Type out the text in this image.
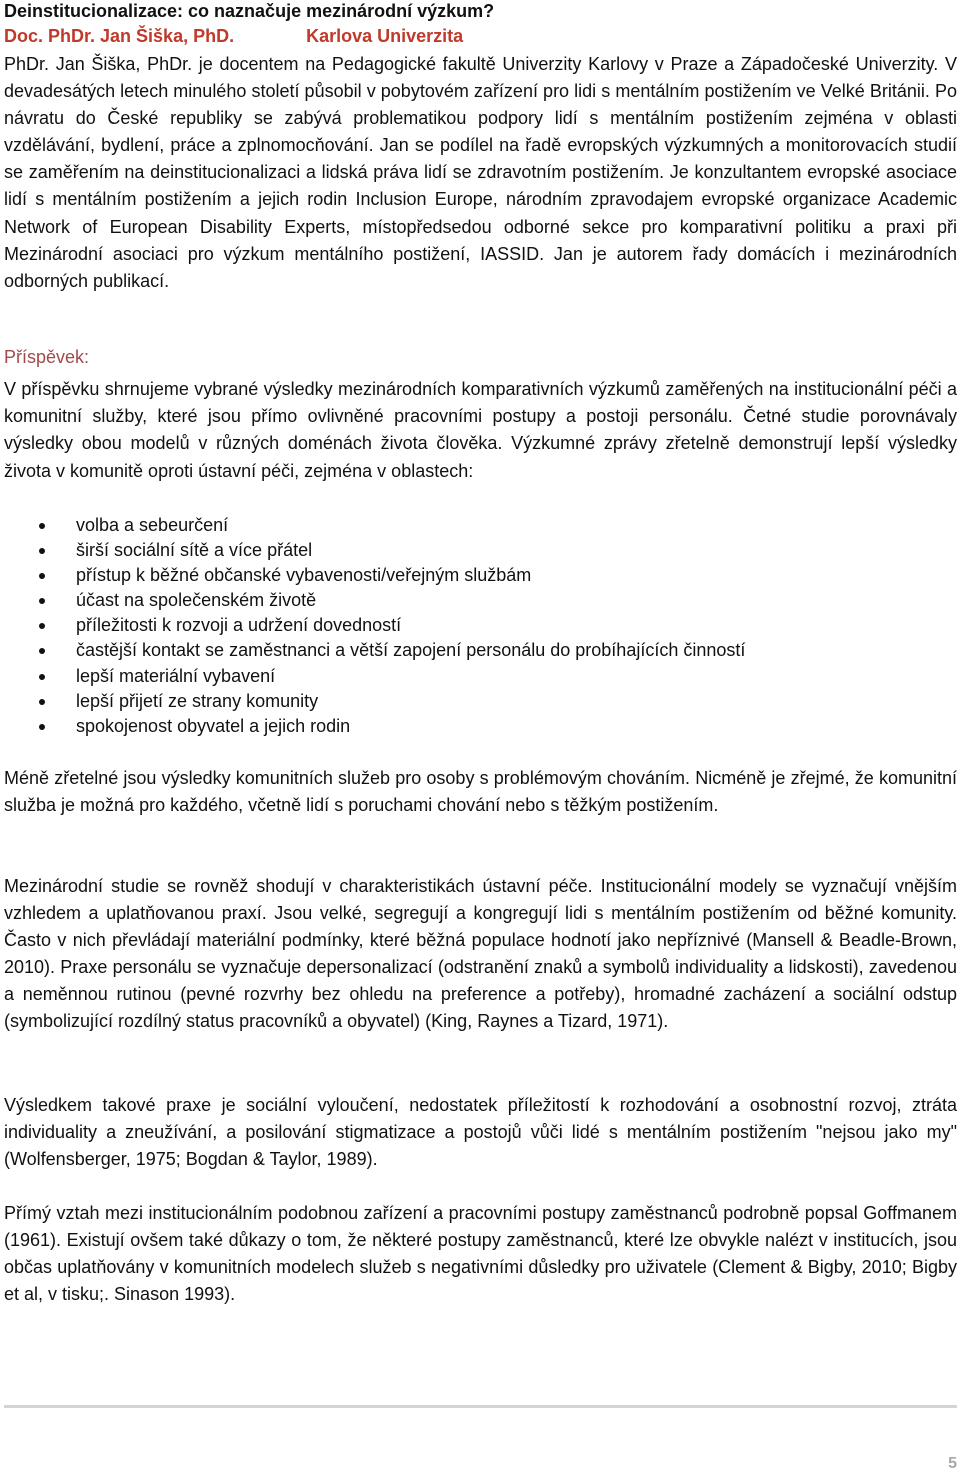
Deinstitucionalizace: co naznačuje mezinárodní výzkum?
Doc. PhDr. Jan Šiška, PhD.	Karlova Univerzita

PhDr. Jan Šiška, PhDr. je docentem na Pedagogické fakultě Univerzity Karlovy v Praze a Západočeské Univerzity. V devadesátých letech minulého století působil v pobytovém zařízení pro lidi s mentálním postižením ve Velké Británii. Po návratu do České republiky se zabývá problematikou podpory lidí s mentálním postižením zejména v oblasti vzdělávání, bydlení, práce a zplnomocňování. Jan se podílel na řadě evropských výzkumných a monitorovacích studií se zaměřením na deinstitucionalizaci a lidská práva lidí se zdravotním postižením. Je konzultantem evropské asociace lidí s mentálním postižením a jejich rodin Inclusion Europe, národním zpravodajem evropské organizace Academic Network of European Disability Experts, místopředsedou odborné sekce pro komparativní politiku a praxi při Mezinárodní asociaci pro výzkum mentálního postižení, IASSID. Jan je autorem řady domácích i mezinárodních odborných publikací.

Příspěvek:

V příspěvku shrnujeme vybrané výsledky mezinárodních komparativních výzkumů zaměřených na institucionální péči a komunitní služby, které jsou přímo ovlivněné pracovními postupy a postoji personálu. Četné studie porovnávaly výsledky obou modelů v různých doménách života člověka. Výzkumné zprávy zřetelně demonstrují lepší výsledky života v komunitě oproti ústavní péči, zejména v oblastech:

volba a sebeurčení
širší sociální sítě a více přátel
přístup k běžné občanské vybavenosti/veřejným službám
účast na společenském životě
příležitosti k rozvoji a udržení dovedností
častější kontakt se zaměstnanci a větší zapojení personálu do probíhajících činností
lepší materiální vybavení
lepší přijetí ze strany komunity
spokojenost obyvatel a jejich rodin

Méně zřetelné jsou výsledky komunitních služeb pro osoby s problémovým chováním. Nicméně je zřejmé, že komunitní služba je možná pro každého, včetně lidí s poruchami chování nebo s těžkým postižením.

Mezinárodní studie se rovněž shodují v charakteristikách ústavní péče. Institucionální modely se vyznačují vnějším vzhledem a uplatňovanou praxí. Jsou velké, segregují a kongregují lidi s mentálním postižením od běžné komunity. Často v nich převládají materiální podmínky, které běžná populace hodnotí jako nepříznivé (Mansell & Beadle-Brown, 2010). Praxe personálu se vyznačuje depersonalizací (odstranění znaků a symbolů individuality a lidskosti), zavedenou a neměnnou rutinou (pevné rozvrhy bez ohledu na preference a potřeby), hromadné zacházení a sociální odstup (symbolizující rozdílný status pracovníků a obyvatel) (King, Raynes a Tizard, 1971).

Výsledkem takové praxe je sociální vyloučení, nedostatek příležitostí k rozhodování a osobnostní rozvoj, ztráta individuality a zneužívání, a posilování stigmatizace a postojů vůči lidé s mentálním postižením "nejsou jako my" (Wolfensberger, 1975; Bogdan & Taylor, 1989).

Přímý vztah mezi institucionálním podobnou zařízení a pracovními postupy zaměstnanců podrobně popsal Goffmanem (1961). Existují ovšem také důkazy o tom, že některé postupy zaměstnanců, které lze obvykle nalézt v institucích, jsou občas uplatňovány v komunitních modelech služeb s negativními důsledky pro uživatele (Clement & Bigby, 2010; Bigby et al, v tisku;. Sinason 1993).

5
